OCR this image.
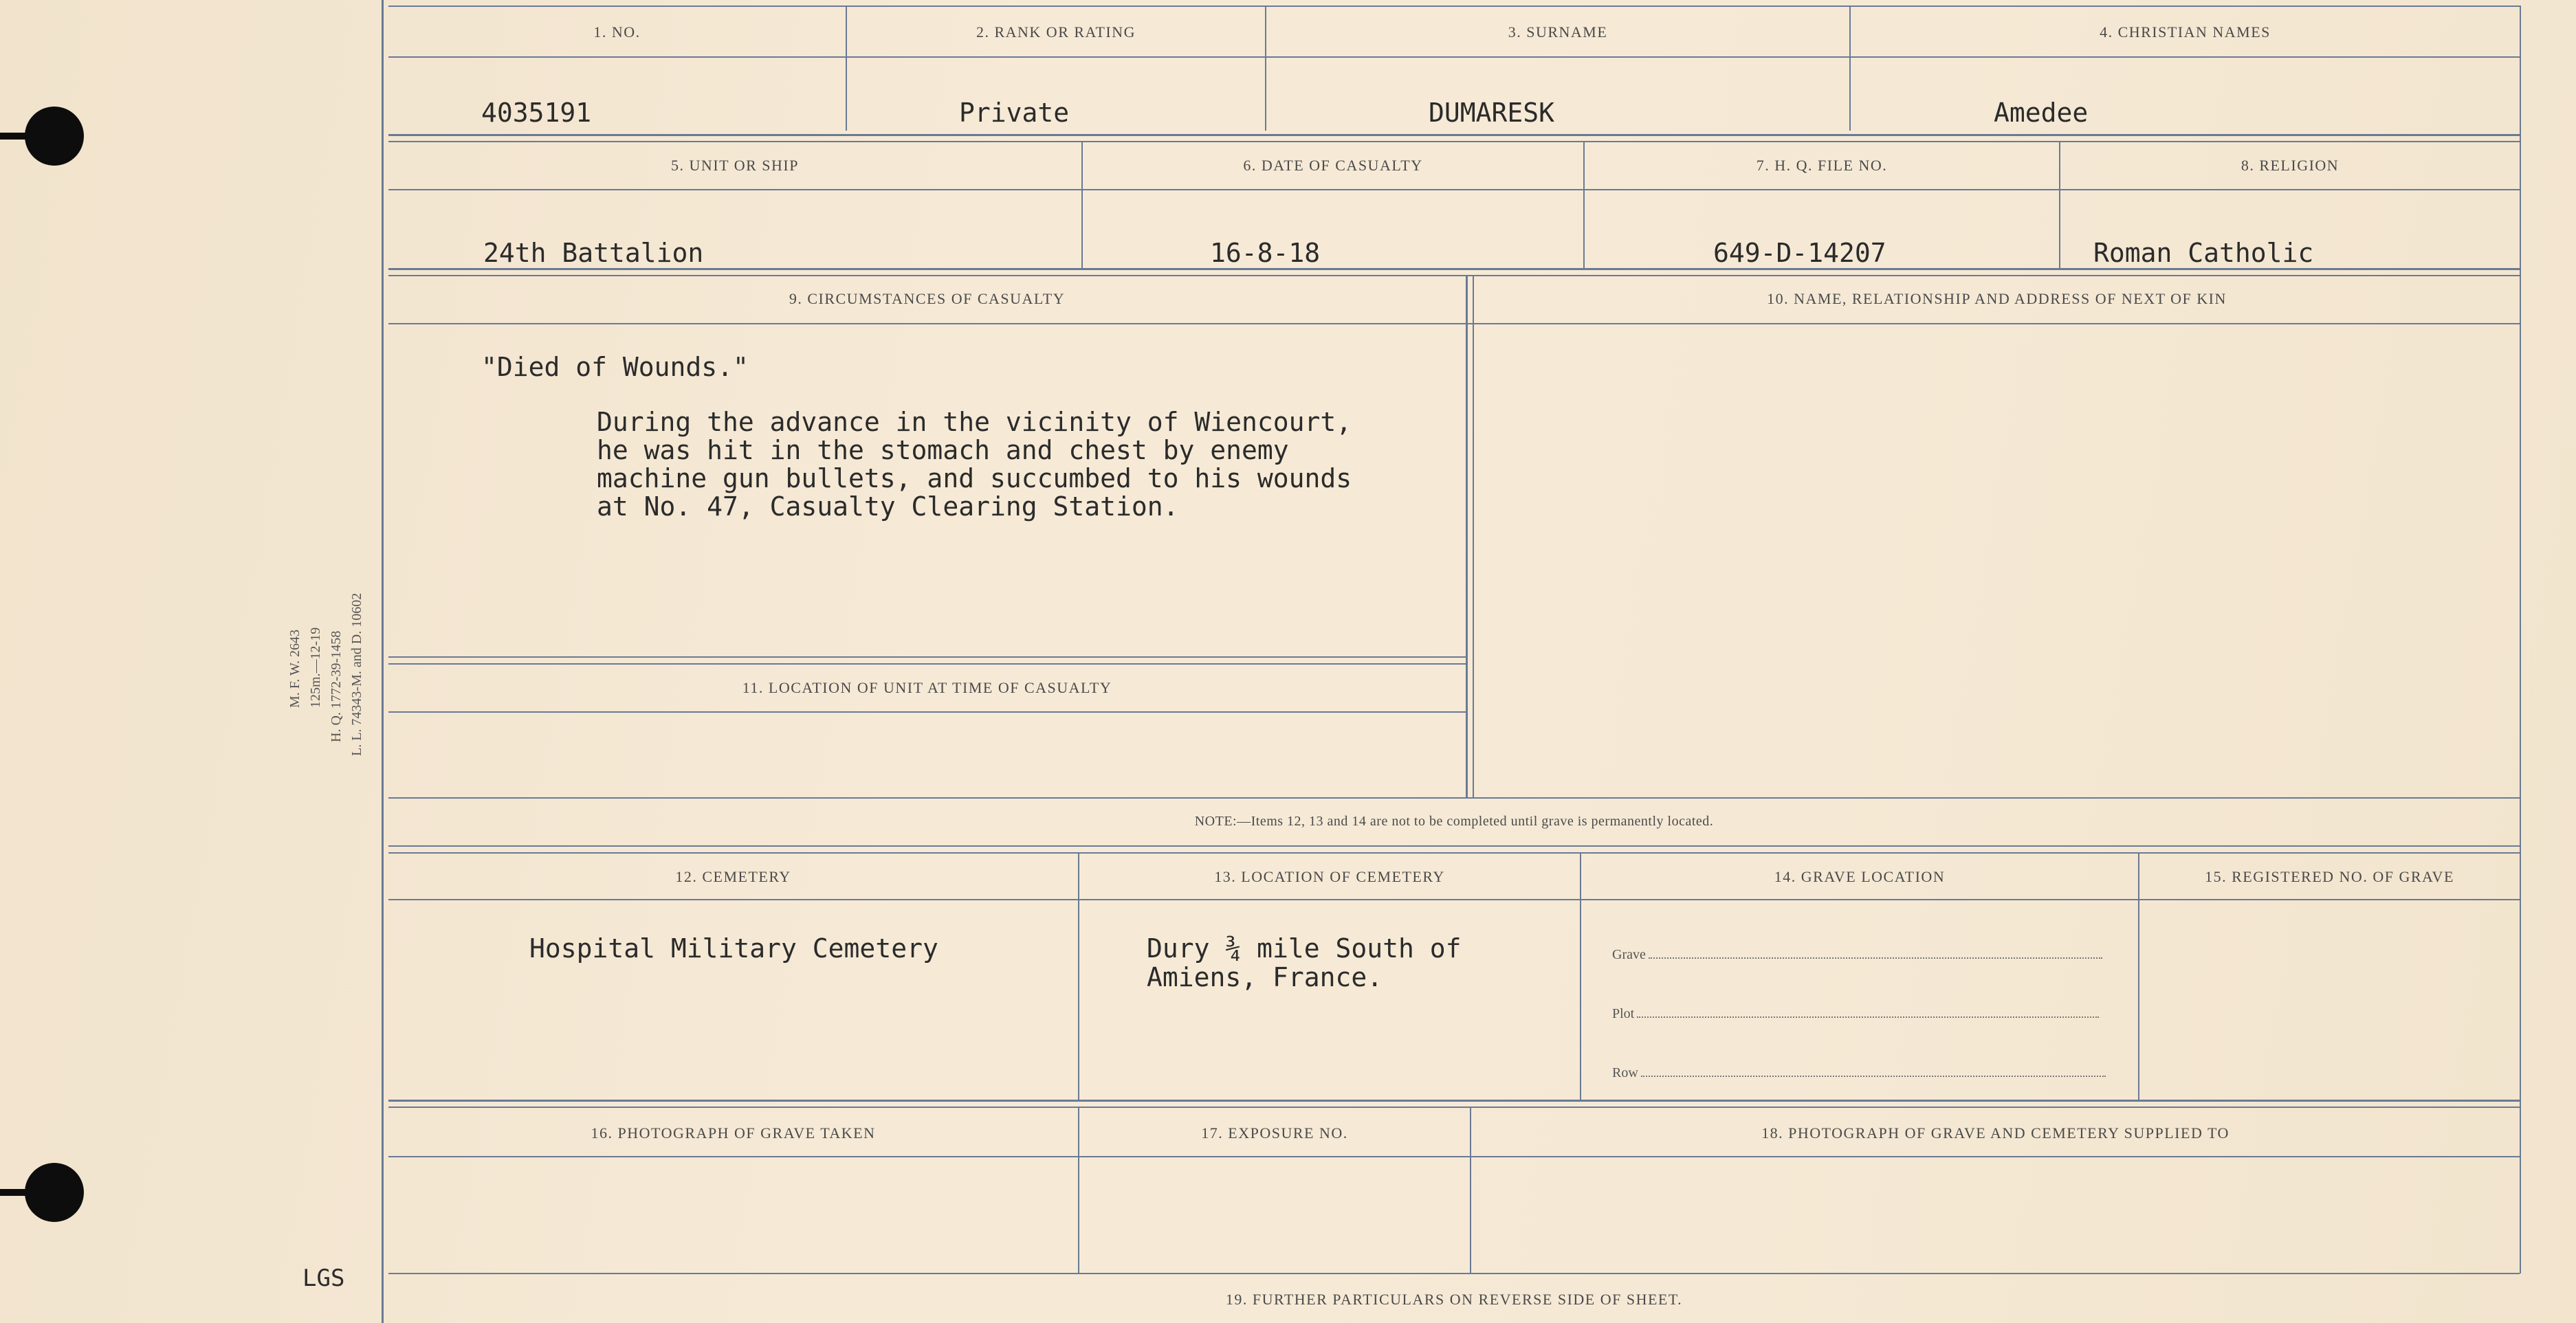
M. F. W. 2643 125m.—12-19 H. Q. 1772-39-1458 L. L. 74343-M. and D. 10602
LGS
1. NO.	2. RANK OR RATING	3. SURNAME	4. CHRISTIAN NAMES
4035191	Private	DUMARESK	Amedee
5. UNIT OR SHIP	6. DATE OF CASUALTY	7. H. Q. FILE NO.	8. RELIGION
24th Battalion	16-8-18	649-D-14207	Roman Catholic
9. CIRCUMSTANCES OF CASUALTY	10. NAME, RELATIONSHIP AND ADDRESS OF NEXT OF KIN
"Died of Wounds."
During the advance in the vicinity of Wiencourt,
he was hit in the stomach and chest by enemy
machine gun bullets, and succumbed to his wounds
at No. 47, Casualty Clearing Station.
11. LOCATION OF UNIT AT TIME OF CASUALTY
NOTE:—Items 12, 13 and 14 are not to be completed until grave is permanently located.
12. CEMETERY	13. LOCATION OF CEMETERY	14. GRAVE LOCATION	15. REGISTERED NO. OF GRAVE
Hospital Military Cemetery	Dury ¾ mile South of
Amiens, France.
Grave
Plot
Row
16. PHOTOGRAPH OF GRAVE TAKEN	17. EXPOSURE NO.	18. PHOTOGRAPH OF GRAVE AND CEMETERY SUPPLIED TO
19. FURTHER PARTICULARS ON REVERSE SIDE OF SHEET.
